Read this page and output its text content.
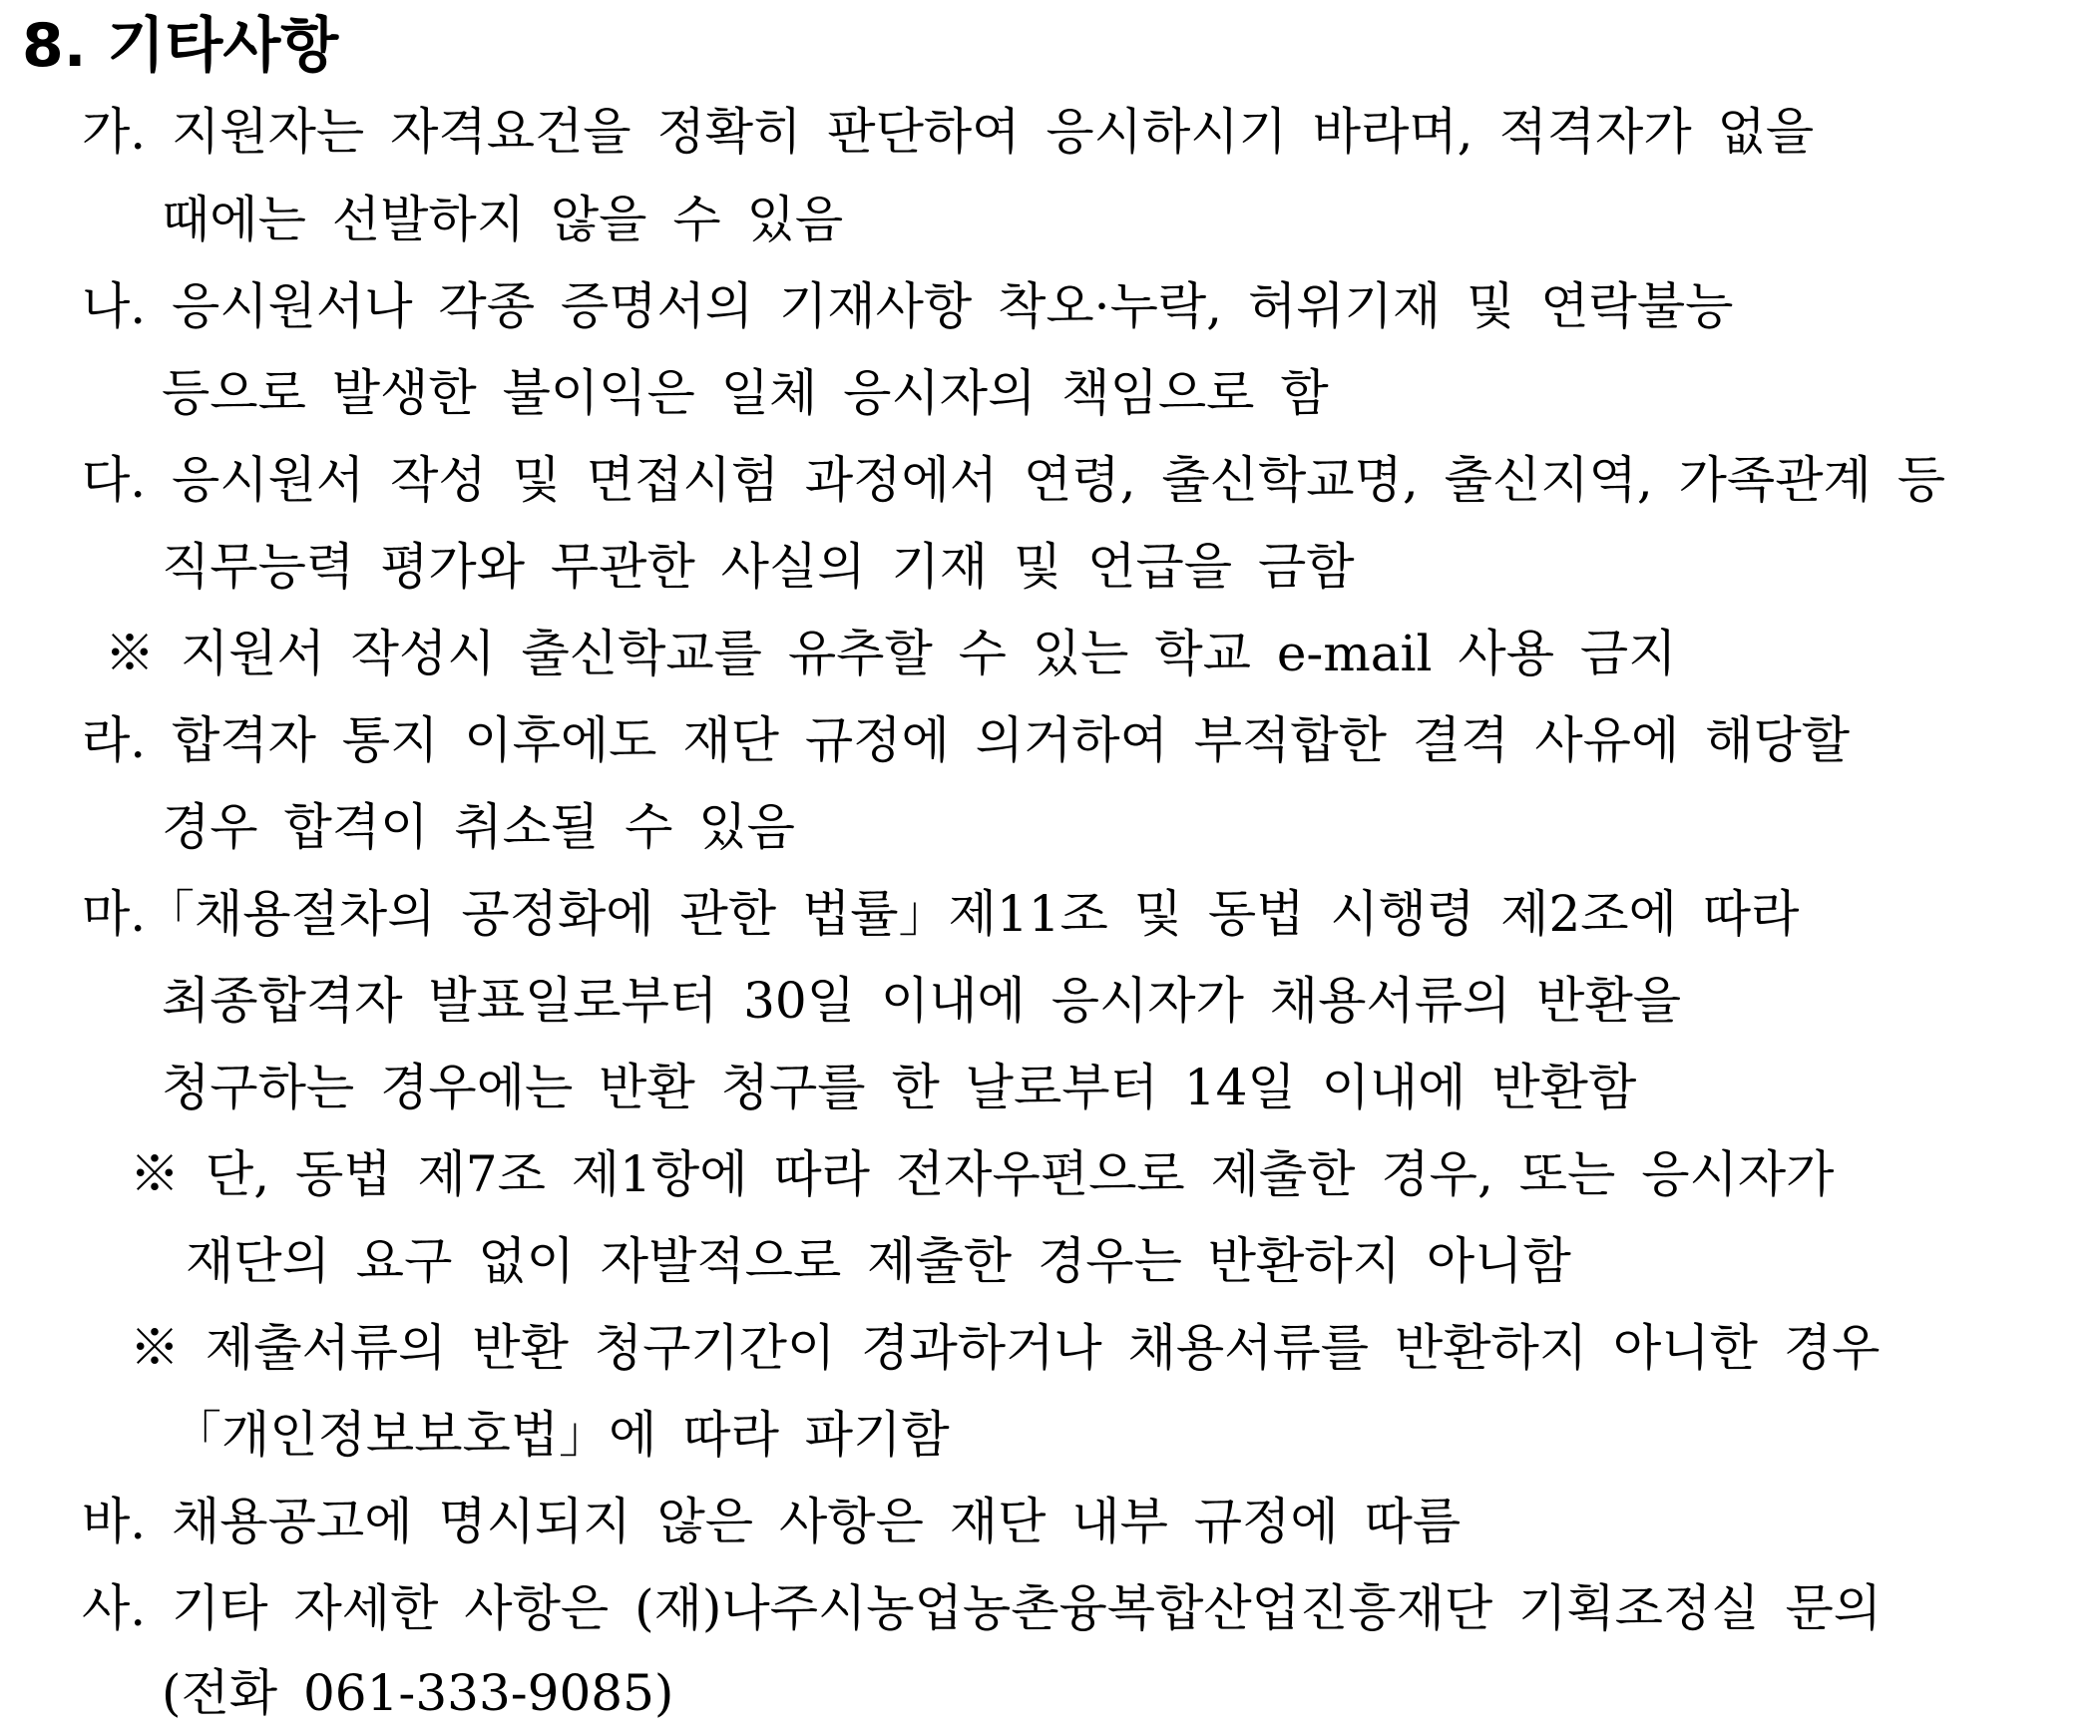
8. 기타사항
가. 지원자는 자격요건을 정확히 판단하여 응시하시기 바라며, 적격자가 없을
때에는 선발하지 않을 수 있음
나. 응시원서나 각종 증명서의 기재사항 착오·누락, 허위기재 및 연락불능
등으로 발생한 불이익은 일체 응시자의 책임으로 함
다. 응시원서 작성 및 면접시험 과정에서 연령, 출신학교명, 출신지역, 가족관계 등
직무능력 평가와 무관한 사실의 기재 및 언급을 금함
※ 지원서 작성시 출신학교를 유추할 수 있는 학교 e-mail 사용 금지
라. 합격자 통지 이후에도 재단 규정에 의거하여 부적합한 결격 사유에 해당할
경우 합격이 취소될 수 있음
마.
「채용절차의 공정화에 관한 법률」제11조 및 동법 시행령 제2조에 따라
최종합격자 발표일로부터 30일 이내에 응시자가 채용서류의 반환을
청구하는 경우에는 반환 청구를 한 날로부터 14일 이내에 반환함
※ 단, 동법 제7조 제1항에 따라 전자우편으로 제출한 경우, 또는 응시자가
재단의 요구 없이 자발적으로 제출한 경우는 반환하지 아니함
※ 제출서류의 반환 청구기간이 경과하거나 채용서류를 반환하지 아니한 경우
「개인정보보호법」에 따라 파기함
바. 채용공고에 명시되지 않은 사항은 재단 내부 규정에 따름
사. 기타 자세한 사항은 (재)나주시농업농촌융복합산업진흥재단 기획조정실 문의
(전화 061-333-9085)
